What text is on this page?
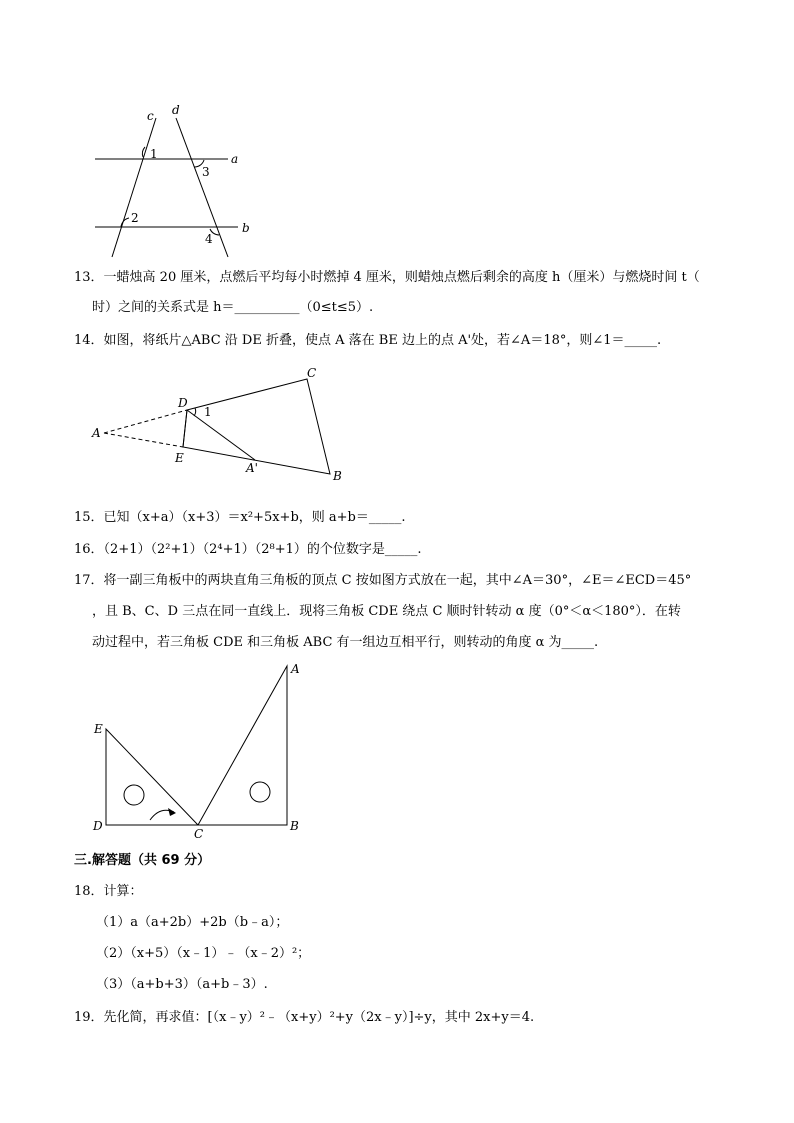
c d
a
b
1
2
3
4
13．一蜡烛高 20 厘米，点燃后平均每小时燃掉 4 厘米，则蜡烛点燃后剩余的高度 h（厘米）与燃烧时间 t（
时）之间的关系式是 h＝__________（0≤t≤5）.
14．如图，将纸片△ABC 沿 DE 折叠，使点 A 落在 BE 边上的点 A'处，若∠A＝18°，则∠1＝_____.
A
C
D
E
A'
B
1
15．已知（x+a）（x+3）＝x²+5x+b，则 a+b＝_____.
16．（2+1）（2²+1）（2⁴+1）（2⁸+1）的个位数字是_____.
17．将一副三角板中的两块直角三角板的顶点 C 按如图方式放在一起，其中∠A＝30°，∠E＝∠ECD＝45°
，且 B、C、D 三点在同一直线上．现将三角板 CDE 绕点 C 顺时针转动 α 度（0°＜α＜180°）．在转
动过程中，若三角板 CDE 和三角板 ABC 有一组边互相平行，则转动的角度 α 为_____.
A
E
D
C
B
三.解答题（共 69 分）
18．计算：
（1）a（a+2b）+2b（b﹣a）；
（2）（x+5）（x﹣1）﹣（x﹣2）²；
（3）（a+b+3）（a+b﹣3）.
19．先化简，再求值：[（x﹣y）²﹣（x+y）²+y（2x﹣y）]÷y，其中 2x+y＝4.
